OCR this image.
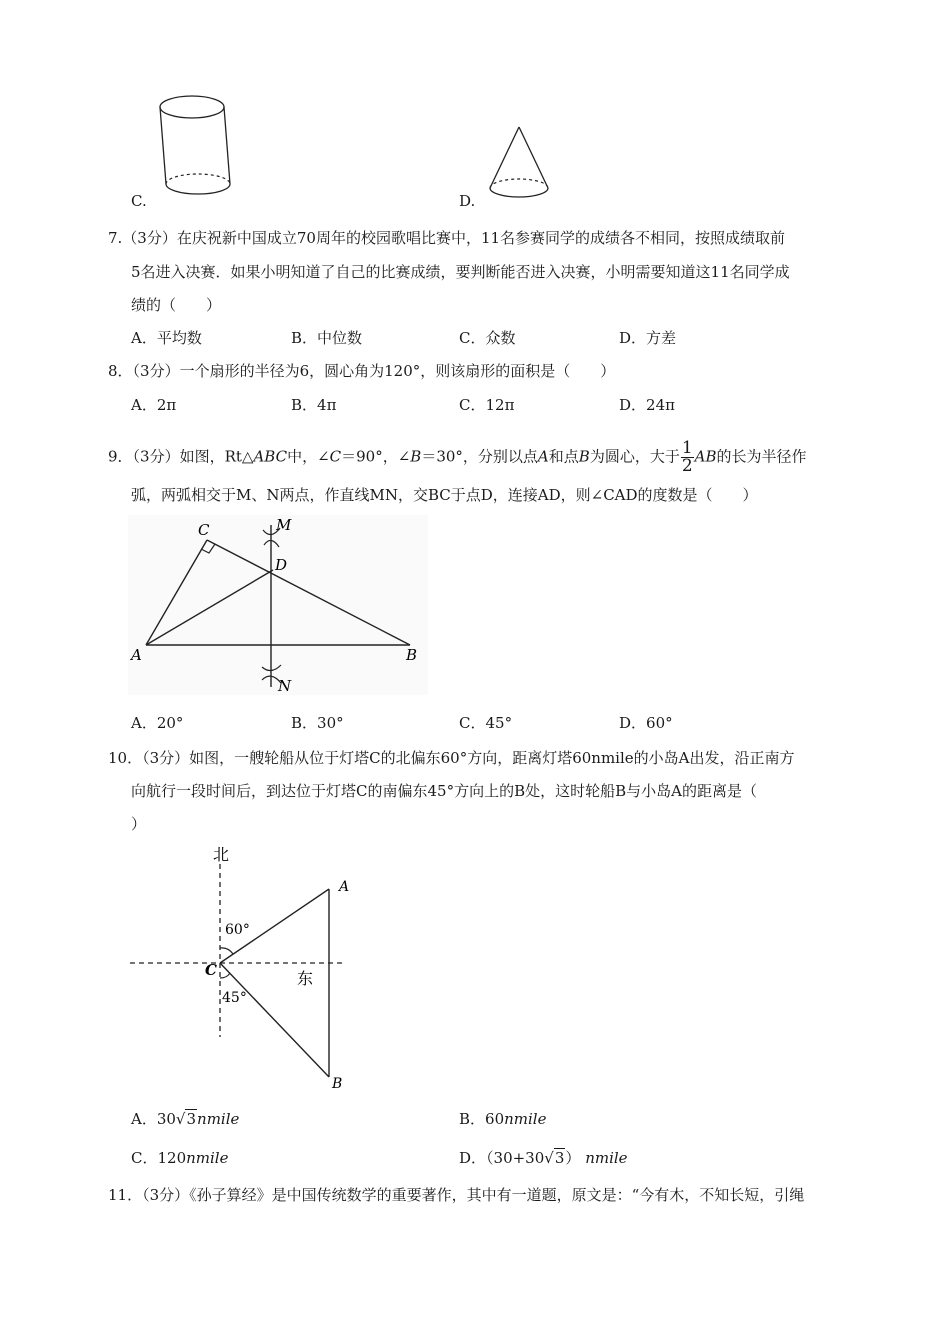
C.	D.
7.（3分）在庆祝新中国成立70周年的校园歌唱比赛中，11名参赛同学的成绩各不相同，按照成绩取前
5名进入决赛．如果小明知道了自己的比赛成绩，要判断能否进入决赛，小明需要知道这11名同学成
绩的（　　）
A．平均数	B．中位数	C．众数	D．方差
8．（3分）一个扇形的半径为6，圆心角为120°，则该扇形的面积是（　　）
A．2π	B．4π	C．12π	D．24π
9．（3分）如图，Rt△ABC中，∠C＝90°，∠B＝30°，分别以点A和点B为圆心，大于 $\frac{1}{2}$ AB的长为半径作
弧，两弧相交于M、N两点，作直线MN，交BC于点D，连接AD，则∠CAD的度数是（　　）
C	M
D
A	B
N
A．20°	B．30°	C．45°	D．60°
10．（3分）如图，一艘轮船从位于灯塔C的北偏东60°方向，距离灯塔60nmile的小岛A出发，沿正南方
向航行一段时间后，到达位于灯塔C的南偏东45°方向上的B处，这时轮船B与小岛A的距离是（
）
北
东
60°
45°
C
A
B
A．30√3nmile	B．60nmile
C．120nmile	D．（30+30√3） nmile
11．（3分）《孙子算经》是中国传统数学的重要著作，其中有一道题，原文是：“今有木，不知长短，引绳
